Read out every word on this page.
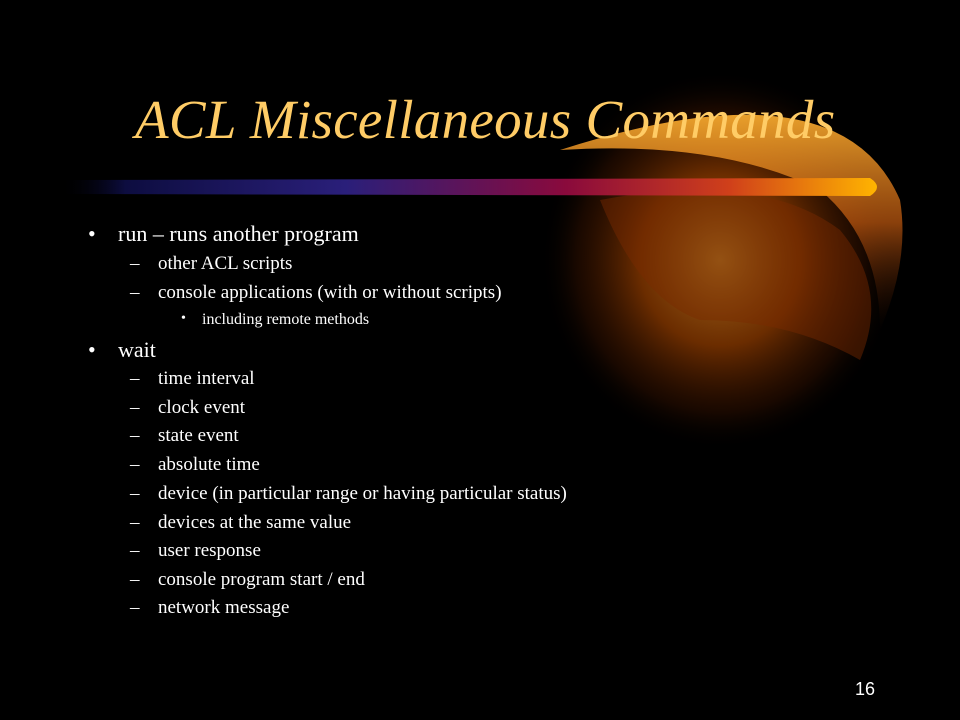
ACL Miscellaneous Commands
• run – runs another program
– other ACL scripts
– console applications (with or without scripts)
• including remote methods
• wait
– time interval
– clock event
– state event
– absolute time
– device (in particular range or having particular status)
– devices at the same value
– user response
– console program start / end
– network message
16
